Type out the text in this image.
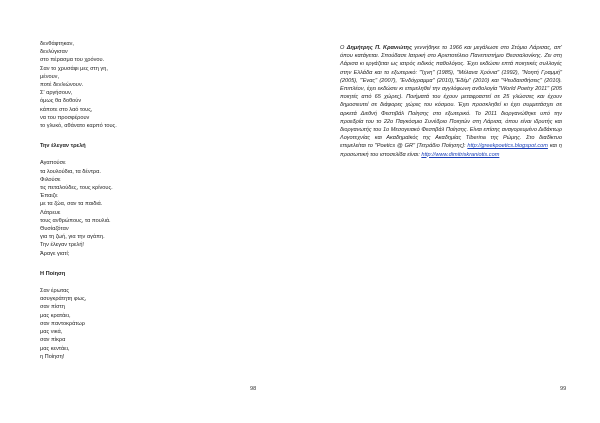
δενθάφτηκαν,
δενλύγισαν
στο πέρασμα του χρόνου.
Σαν το χρυσάφι μες στη γη,
μένουν,
ποτέ δενλιώνουν.
Σ' αργήσουν,
όμως θα δοθούν
κάποτε στο λαό τους,
να του προσφέρουν
το γλυκό, αθάνατο καρπό τους.
Την έλεγαν τρελή
Αγαπούσε
τα λουλούδια, τα δέντρα.
Φιλούσε
τις πεταλούδες, τους κρίνους.
Έπαιζε
με τα ζώα, σαν τα παιδιά.
Λάτρευε
τους ανθρώπους, τα πουλιά.
Θυσίαζόταν
για τη ζωή, για την αγάπη.
Την έλεγαν τρελή!
Άραγε γιατί;
Η Ποίηση
Σαν έρωτας
ασυγκράτητη φως,
σαν πίστη
μας κρατάει,
σαν παντοκράτωρ
μας νικά,
σαν πίκρα
μας κεντάει,
η Ποίηση!
98
Ο Δημήτρης Π. Κρανιώτης γεννήθηκε το 1966 και μεγάλωσε στο Στόμιο Λάρισας, απ' όπου κατάγεται. Σπούδασε Ιατρική στο Αριστοτέλειο Πανεπιστήμιο Θεσσαλονίκης. Ζει στη Λάρισα κι εργάζεται ως ιατρός ειδικός παθολόγος. Έχει εκδώσει επτά ποιητικές συλλογές στην Ελλάδα και το εξωτερικό: "Ίχνη" (1985), "Μέλανα Χρόνια" (1992), "Νοητή Γραμμή" (2005), "Ένας" (2007), "Ενδόγραμμα" (2010),"Εδέμ" (2010) και "Ψευδαισθήσεις" (2010). Επιπλέον, έχει εκδώσει κι επιμεληθεί την αγγλόφωνη ανθολογία "World Poetry 2011" (205 ποιητές από 65 χώρες). Ποιήματά του έχουν μεταφραστεί σε 25 γλώσσες και έχουν δημοσιευτεί σε διάφορες χώρες του κόσμου. Έχει προσκληθεί κι έχει συμμετάσχει σε αρκετά Διεθνή Φεστιβάλ Ποίησης στο εξωτερικό. Το 2011 διοργανώθηκε υπό την προεδρία του το 22ο Παγκόσμιο Συνέδριο Ποιητών στη Λάρισα, όπου είναι ιδρυτής και διοργανωτής του 1ο Μεσογειακό Φεστιβάλ Ποίησης. Είναι επίσης αναγορευμένο Διδάκτωρ Λογοτεχνίας και Ακαδημαϊκός της Ακαδημίας Tiberina της Ρώμης. Στο διαδίκτυο επιμελείται το "Poetics @ GR" [Τετράδιο Ποίησης]: http://greekpoetics.blogspot.com και η προσωπική του ιστοσελίδα είναι: http://www.dimitriskraniotis.com
99
